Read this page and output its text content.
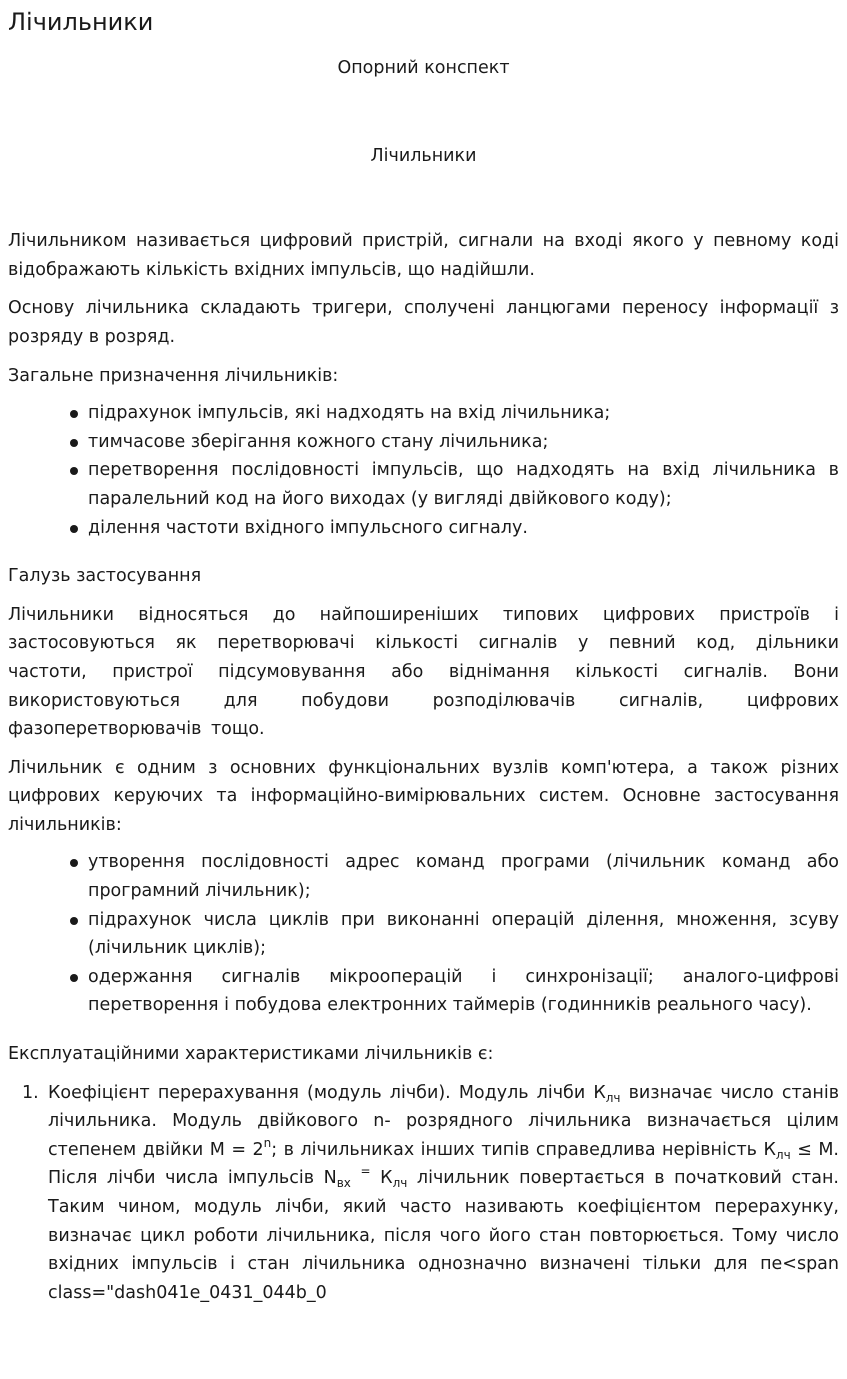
Лічильники
Опорний конспект
Лічильники

Лічильником називається цифровий пристрій, сигнали на вході якого у певному коді відображають кількість вхідних імпульсів, що надійшли.

Основу лічильника складають тригери, сполучені ланцюгами переносу інформації з розряду в розряд.

Загальне призначення лічильників:

підрахунок імпульсів, які надходять на вхід лічильника;
тимчасове зберігання кожного стану лічильника;
перетворення послідовності імпульсів, що надходять на вхід лічильника в паралельний код на його виходах (у вигляді двійкового коду);
ділення частоти вхідного імпульсного сигналу.

Галузь застосування

Лічильники відносяться до найпоширеніших типових цифрових пристроїв і застосовуються як перетворювачі кількості сигналів у певний код, дільники частоти, пристрої підсумовування або віднімання кількості сигналів. Вони використовуються для побудови розподілювачів сигналів, цифрових фазоперетворювачів тощо.

Лічильник є одним з основних функціональних вузлів комп'ютера, а також різних цифрових керуючих та інформаційно-вимірювальних систем. Основне застосування лічильників:

утворення послідовності адрес команд програми (лічильник команд або програмний лічильник);
підрахунок числа циклів при виконанні операцій ділення, множення, зсуву (лічильник циклів);
одержання сигналів мікрооперацій і синхронізації; аналого-цифрові перетворення і побудова електронних таймерів (годинників реального часу).

Експлуатаційними характеристиками лічильників є:

1. Коефіцієнт перерахування (модуль лічби). Модуль лічби $К_{лч}$ визначає число станів лічильника. Модуль двійкового n- розрядного лічильника визначається цілим степенем двійки $М = 2^n$; в лічильниках інших типів справедлива нерівність $К_{лч} \le М$. Після лічби числа імпульсів $N_{вх}$ = $К_{лч}$ лічильник повертається в початковий стан. Таким чином, модуль лічби, який часто називають коефіцієнтом перерахунку, визначає цикл роботи лічильника, після чого його стан повторюється. Тому число вхідних імпульсів і стан лічильника однозначно визначені тільки для пе<span class="dash041e_0431_044b_0
